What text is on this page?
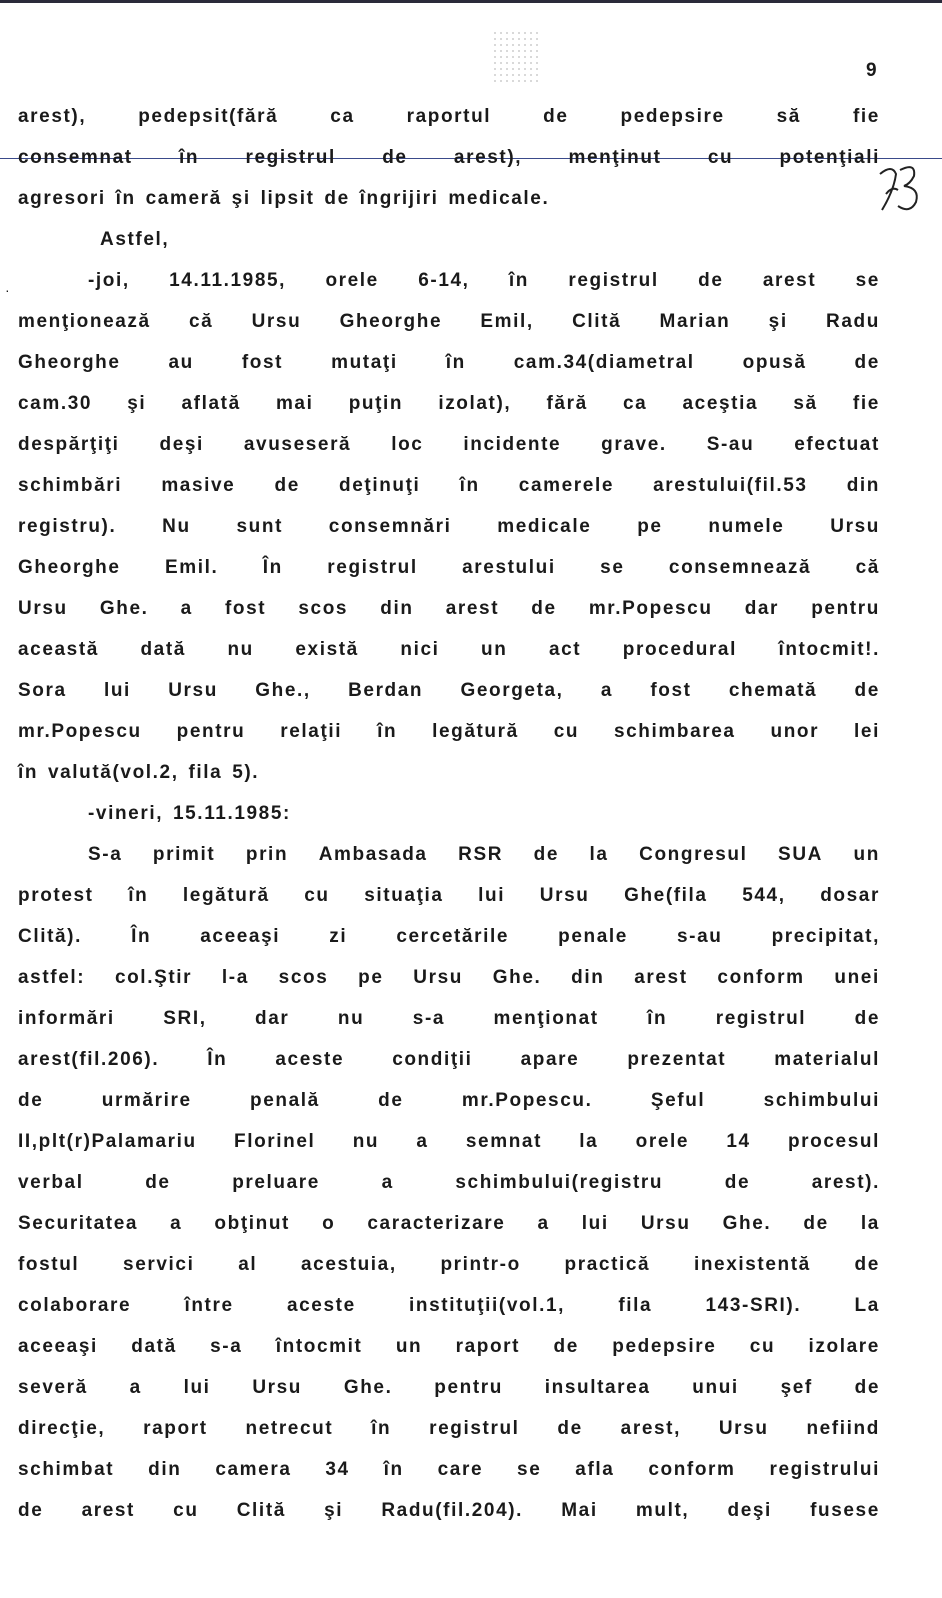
9
·
arest),	pedepsit(fără	ca	raportul	de	pedepsire	să	fie
consemnat în registrul de arest), menţinut cu potenţiali
agresori în cameră şi lipsit de îngrijiri medicale.
Astfel,
-joi, 14.11.1985, orele 6-14, în registrul de arest se
menţionează că Ursu Gheorghe Emil, Clită Marian şi Radu
Gheorghe	au	fost	mutaţi	în	cam.34(diametral	opusă	de
cam.30 şi aflată mai puţin izolat), fără ca aceştia să fie
despărţiţi deşi avuseseră loc incidente grave. S-au efectuat
schimbări masive de deţinuţi în camerele arestului(fil.53 din
registru). Nu sunt consemnări medicale pe numele Ursu
Gheorghe Emil. În registrul arestului se consemnează că
Ursu Ghe. a fost scos din arest de mr.Popescu dar pentru
această dată nu există nici un act procedural întocmit!.
Sora lui Ursu Ghe., Berdan Georgeta, a fost chemată de
mr.Popescu pentru relaţii în legătură cu schimbarea unor lei
în valută(vol.2, fila 5).
-vineri, 15.11.1985:
S-a primit prin Ambasada RSR de la Congresul SUA un
protest în legătură cu situaţia lui Ursu Ghe(fila 544, dosar
Clită).	În	aceeaşi	zi	cercetările	penale	s-au	precipitat,
astfel: col.Ştir l-a scos pe Ursu Ghe. din arest conform unei
informări	SRI,	dar	nu	s-a	menţionat	în	registrul	de
arest(fil.206).	În	aceste	condiţii	apare	prezentat	materialul
de	urmărire	penală	de	mr.Popescu.	Şeful	schimbului
II,plt(r)Palamariu Florinel nu a semnat la orele 14 procesul
verbal	de	preluare	a	schimbului(registru	de	arest).
Securitatea a obţinut o caracterizare a lui Ursu Ghe. de la
fostul servici al acestuia, printr-o practică inexistentă de
colaborare	între	aceste	instituţii(vol.1,	fila	143-SRI).	La
aceeaşi dată s-a întocmit un raport de pedepsire cu izolare
severă a lui Ursu Ghe. pentru insultarea unui şef de
direcţie, raport netrecut în registrul de arest, Ursu nefiind
schimbat din camera 34 în care se afla conform registrului
de arest cu Clită şi Radu(fil.204). Mai mult, deşi fusese
